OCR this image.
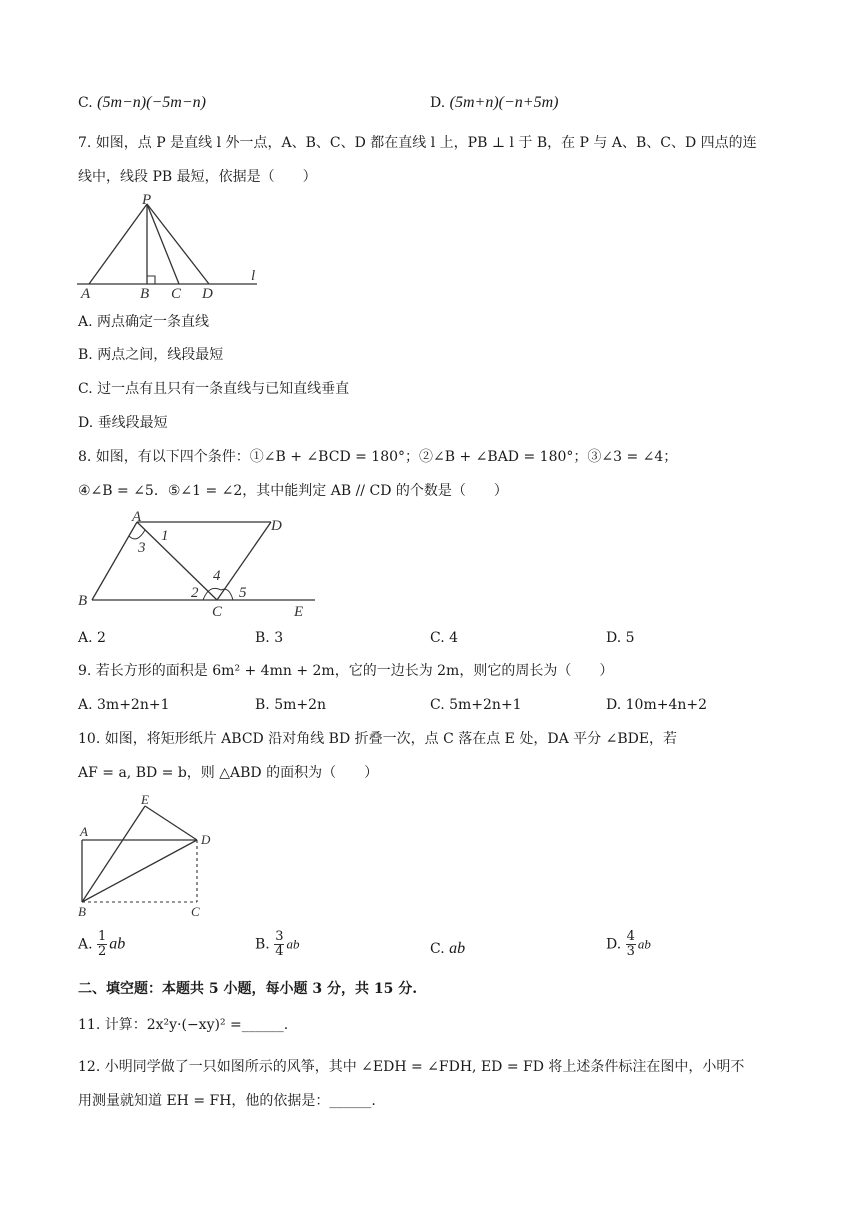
C. (5m−n)(−5m−n)	D. (5m+n)(−n+5m)
7. 如图，点 P 是直线 l 外一点，A、B、C、D 都在直线 l 上，PB ⊥ l 于 B，在 P 与 A、B、C、D 四点的连
线中，线段 PB 最短，依据是（　　）
P
l
A	B C D
A. 两点确定一条直线
B. 两点之间，线段最短
C. 过一点有且只有一条直线与已知直线垂直
D. 垂线段最短
8. 如图，有以下四个条件：①∠B + ∠BCD = 180°；②∠B + ∠BAD = 180°；③∠3 = ∠4；
④∠B = ∠5．⑤∠1 = ∠2，其中能判定 AB // CD 的个数是（　　）
A
D
B
C	E
1
3
2
4
5
A. 2	B. 3	C. 4	D. 5
9. 若长方形的面积是 6m² + 4mn + 2m，它的一边长为 2m，则它的周长为（　　）
A. 3m+2n+1	B. 5m+2n	C. 5m+2n+1	D. 10m+4n+2
10. 如图，将矩形纸片 ABCD 沿对角线 BD 折叠一次，点 C 落在点 E 处，DA 平分 ∠BDE，若
AF = a, BD = b，则 △ABD 的面积为（　　）
E
A
D
B	C
A. $\frac{1}{2}$ ab	B. $\frac{3}{4}$ ab	C. ab	D. $\frac{4}{3}$ ab
二、填空题：本题共 5 小题，每小题 3 分，共 15 分.
11. 计算：2x²y·(−xy)² =______.
12. 小明同学做了一只如图所示的风筝，其中 ∠EDH = ∠FDH, ED = FD 将上述条件标注在图中，小明不
用测量就知道 EH = FH，他的依据是：______.
